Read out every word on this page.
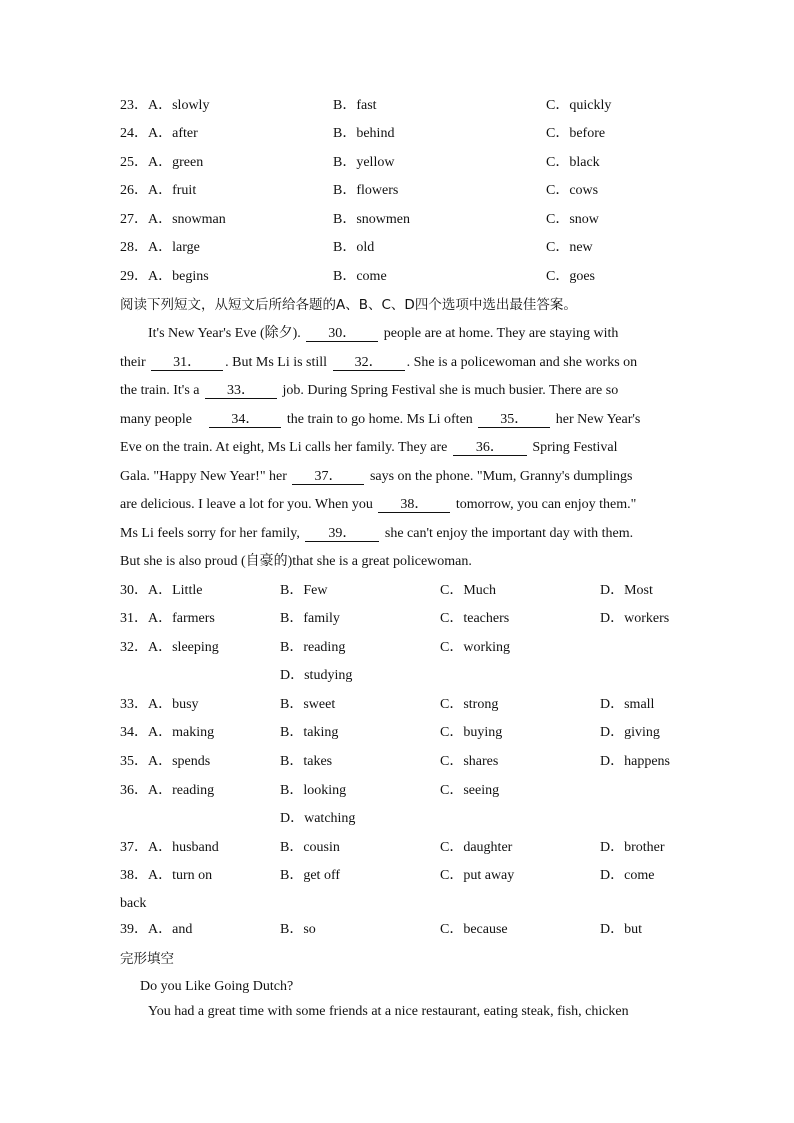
23．A．slowly	B．fast	C．quickly
24．A．after	B．behind	C．before
25．A．green	B．yellow	C．black
26．A．fruit	B．flowers	C．cows
27．A．snowman	B．snowmen	C．snow
28．A．large	B．old	C．new
29．A．begins	B．come	C．goes
阅读下列短文，从短文后所给各题的A、B、C、D四个选项中选出最佳答案。
It's New Year's Eve (除夕). 30． people are at home. They are staying with
their 31． . But Ms Li is still 32． . She is a policewoman and she works on
the train. It's a 33． job. During Spring Festival she is much busier. There are so
many people	34． the train to go home. Ms Li often 35． her New Year's
Eve on the train. At eight, Ms Li calls her family. They are 36． Spring Festival
Gala. "Happy New Year!" her 37． says on the phone. "Mum, Granny's dumplings
are delicious. I leave a lot for you. When you 38． tomorrow, you can enjoy them."
Ms Li feels sorry for her family, 39． she can't enjoy the important day with them.
But she is also proud (自豪的)that she is a great policewoman.
30．A．Little	B．Few	C．Much	D．Most
31．A．farmers	B．family	C．teachers	D．workers
32．A．sleeping	B．reading	C．working
D．studying
33．A．busy	B．sweet	C．strong	D．small
34．A．making	B．taking	C．buying	D．giving
35．A．spends	B．takes	C．shares	D．happens
36．A．reading	B．looking	C．seeing
D．watching
37．A．husband	B．cousin	C．daughter	D．brother
38．A．turn on	B．get off	C．put away	D．come
back
39．A．and	B．so	C．because	D．but
完形填空
Do you Like Going Dutch?
You had a great time with some friends at a nice restaurant, eating steak, fish, chicken
